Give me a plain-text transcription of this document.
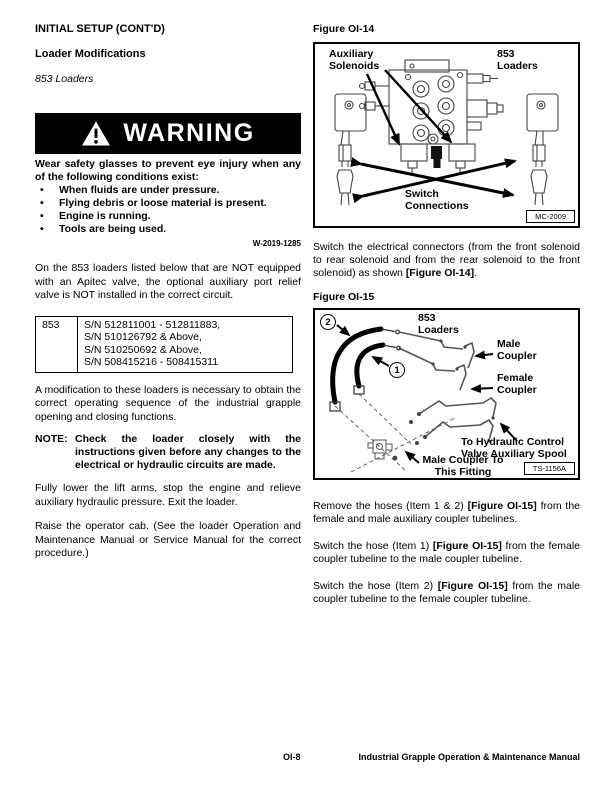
INITIAL SETUP (CONT'D)
Loader Modifications
853 Loaders
WARNING
Wear safety glasses to prevent eye injury when any of the following conditions exist:
•	When fluids are under pressure.
•	Flying debris or loose material is present.
•	Engine is running.
•	Tools are being used.
W-2019-1285
On the 853 loaders listed below that are NOT equipped with an Apitec valve, the optional auxiliary port relief valve is NOT installed in the correct circuit.
853	S/N 512811001 - 512811883,
S/N 510126792 & Above,
S/N 510250692 & Above,
S/N 508415216 - 508415311
A modification to these loaders is necessary to obtain the correct operating sequence of the industrial grapple opening and closing functions.
NOTE: Check the loader closely with the instructions given before any changes to the electrical or hydraulic circuits are made.
Fully lower the lift arms, stop the engine and relieve auxiliary hydraulic pressure. Exit the loader.
Raise the operator cab. (See the loader Operation and Maintenance Manual or Service Manual for the correct procedure.)
Figure OI-14
Auxiliary Solenoids
853 Loaders
Switch Connections
MC-2009
Switch the electrical connectors (from the front solenoid to rear solenoid and from the rear solenoid to the front solenoid) as shown [Figure OI-14].
Figure OI-15
2
1
853 Loaders
Male Coupler
Female Coupler
To Hydraulic Control Valve Auxiliary Spool
Male Coupler To This Fitting	TS-1156A
Remove the hoses (Item 1 & 2) [Figure OI-15] from the female and male auxiliary coupler tubelines.
Switch the hose (Item 1) [Figure OI-15] from the female coupler tubeline to the male coupler tubeline.
Switch the hose (Item 2) [Figure OI-15] from the male coupler tubeline to the female coupler tubeline.
OI-8	Industrial Grapple Operation & Maintenance Manual
